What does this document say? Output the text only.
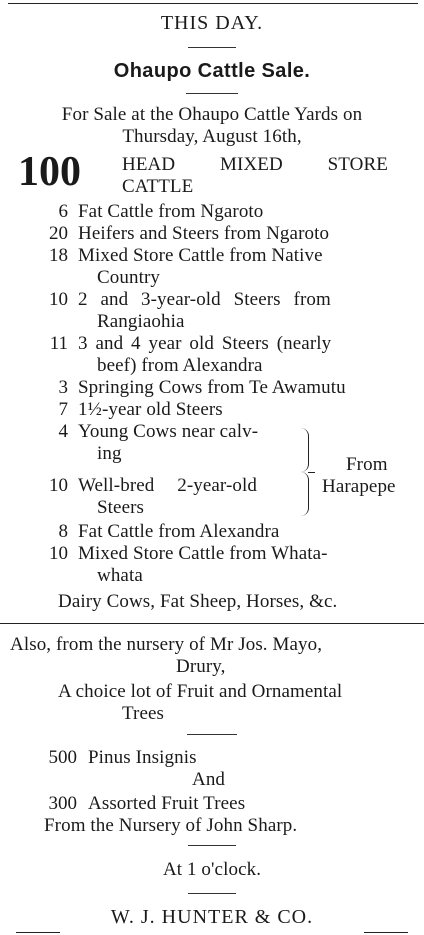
THIS DAY.
Ohaupo Cattle Sale.
For Sale at the Ohaupo Cattle Yards on
Thursday, August 16th,
100 HEAD MIXED STORE
CATTLE
6 Fat Cattle from Ngaroto
20 Heifers and Steers from Ngaroto
18 Mixed Store Cattle from Native
Country
10 2 and 3-year-old Steers from
Rangiaohia
11 3 and 4 year old Steers (nearly
beef) from Alexandra
3 Springing Cows from Te Awamutu
7 1½-year old Steers
4 Young Cows near calv-
ing
10 Well-bred 2-year-old
Steers
From
Harapepe
8 Fat Cattle from Alexandra
10 Mixed Store Cattle from Whata-
whata
Dairy Cows, Fat Sheep, Horses, &c.
Also, from the nursery of Mr Jos. Mayo,
Drury,
A choice lot of Fruit and Ornamental
Trees
500 Pinus Insignis
And
300 Assorted Fruit Trees
From the Nursery of John Sharp.
At 1 o'clock.
W. J. HUNTER & CO.
